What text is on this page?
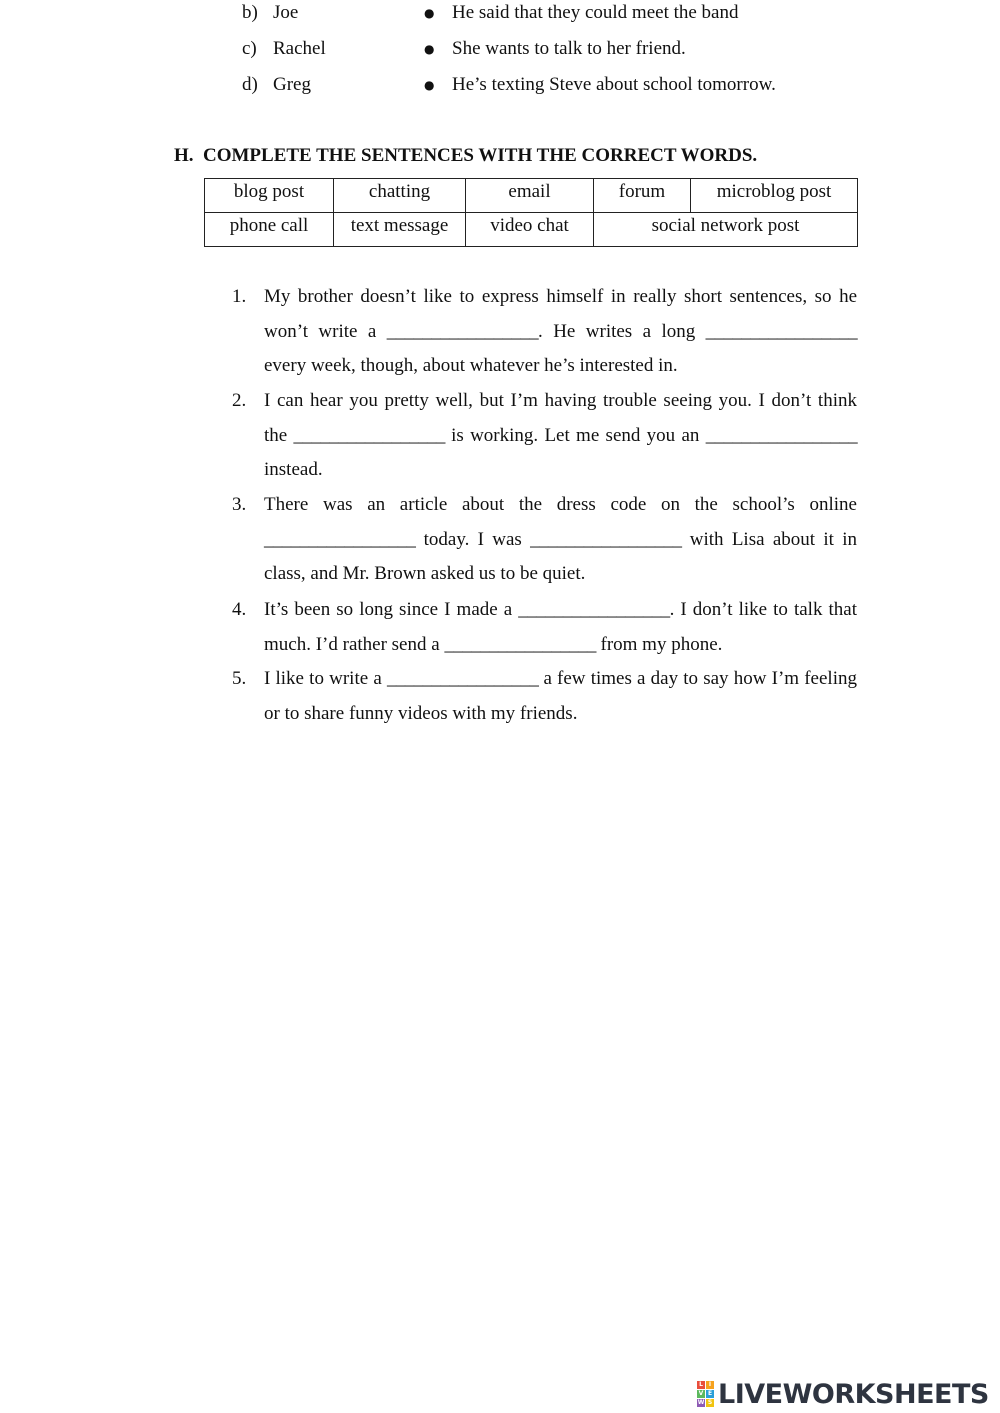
b) Joe	● He said that they could meet the band
c) Rachel	● She wants to talk to her friend.
d) Greg	● He’s texting Steve about school tomorrow.
H. COMPLETE THE SENTENCES WITH THE CORRECT WORDS.
blog post	chatting	email	forum	microblog post
phone call	text message	video chat	social network post	
1. My brother doesn’t like to express himself in really short sentences, so he won’t write a _________________. He writes a long _________________ every week, though, about whatever he’s interested in.
2. I can hear you pretty well, but I’m having trouble seeing you. I don’t think the _________________ is working. Let me send you an _________________ instead.
3. There was an article about the dress code on the school’s online _________________ today. I was _________________ with Lisa about it in class, and Mr. Brown asked us to be quiet.
4. It’s been so long since I made a _________________. I don’t like to talk that much. I’d rather send a _________________ from my phone.
5. I like to write a _________________ a few times a day to say how I’m feeling or to share funny videos with my friends.
L I
V E
W S LIVEWORKSHEETS
